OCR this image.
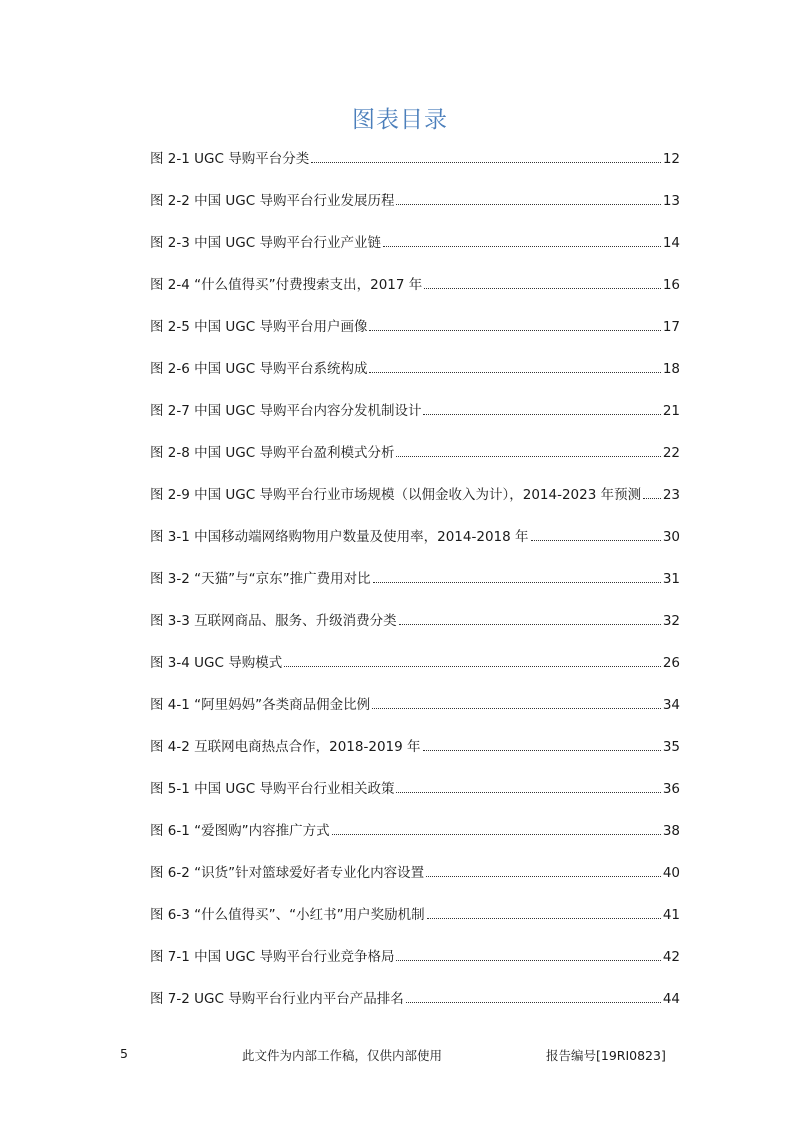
图表目录
图 2-1 UGC 导购平台分类	12
图 2-2 中国 UGC 导购平台行业发展历程	13
图 2-3 中国 UGC 导购平台行业产业链	14
图 2-4 “什么值得买”付费搜索支出，2017 年	16
图 2-5 中国 UGC 导购平台用户画像	17
图 2-6 中国 UGC 导购平台系统构成	18
图 2-7 中国 UGC 导购平台内容分发机制设计	21
图 2-8 中国 UGC 导购平台盈利模式分析	22
图 2-9 中国 UGC 导购平台行业市场规模（以佣金收入为计），2014-2023 年预测 23
图 3-1 中国移动端网络购物用户数量及使用率，2014-2018 年	30
图 3-2 “天猫”与“京东”推广费用对比	31
图 3-3 互联网商品、服务、升级消费分类	32
图 3-4 UGC 导购模式	26
图 4-1 “阿里妈妈”各类商品佣金比例	34
图 4-2 互联网电商热点合作，2018-2019 年	35
图 5-1 中国 UGC 导购平台行业相关政策	36
图 6-1 “爱图购”内容推广方式	38
图 6-2 “识货”针对篮球爱好者专业化内容设置	40
图 6-3 “什么值得买”、“小红书”用户奖励机制	41
图 7-1 中国 UGC 导购平台行业竞争格局	42
图 7-2 UGC 导购平台行业内平台产品排名	44
5	此文件为内部工作稿，仅供内部使用	报告编号[19RI0823]
